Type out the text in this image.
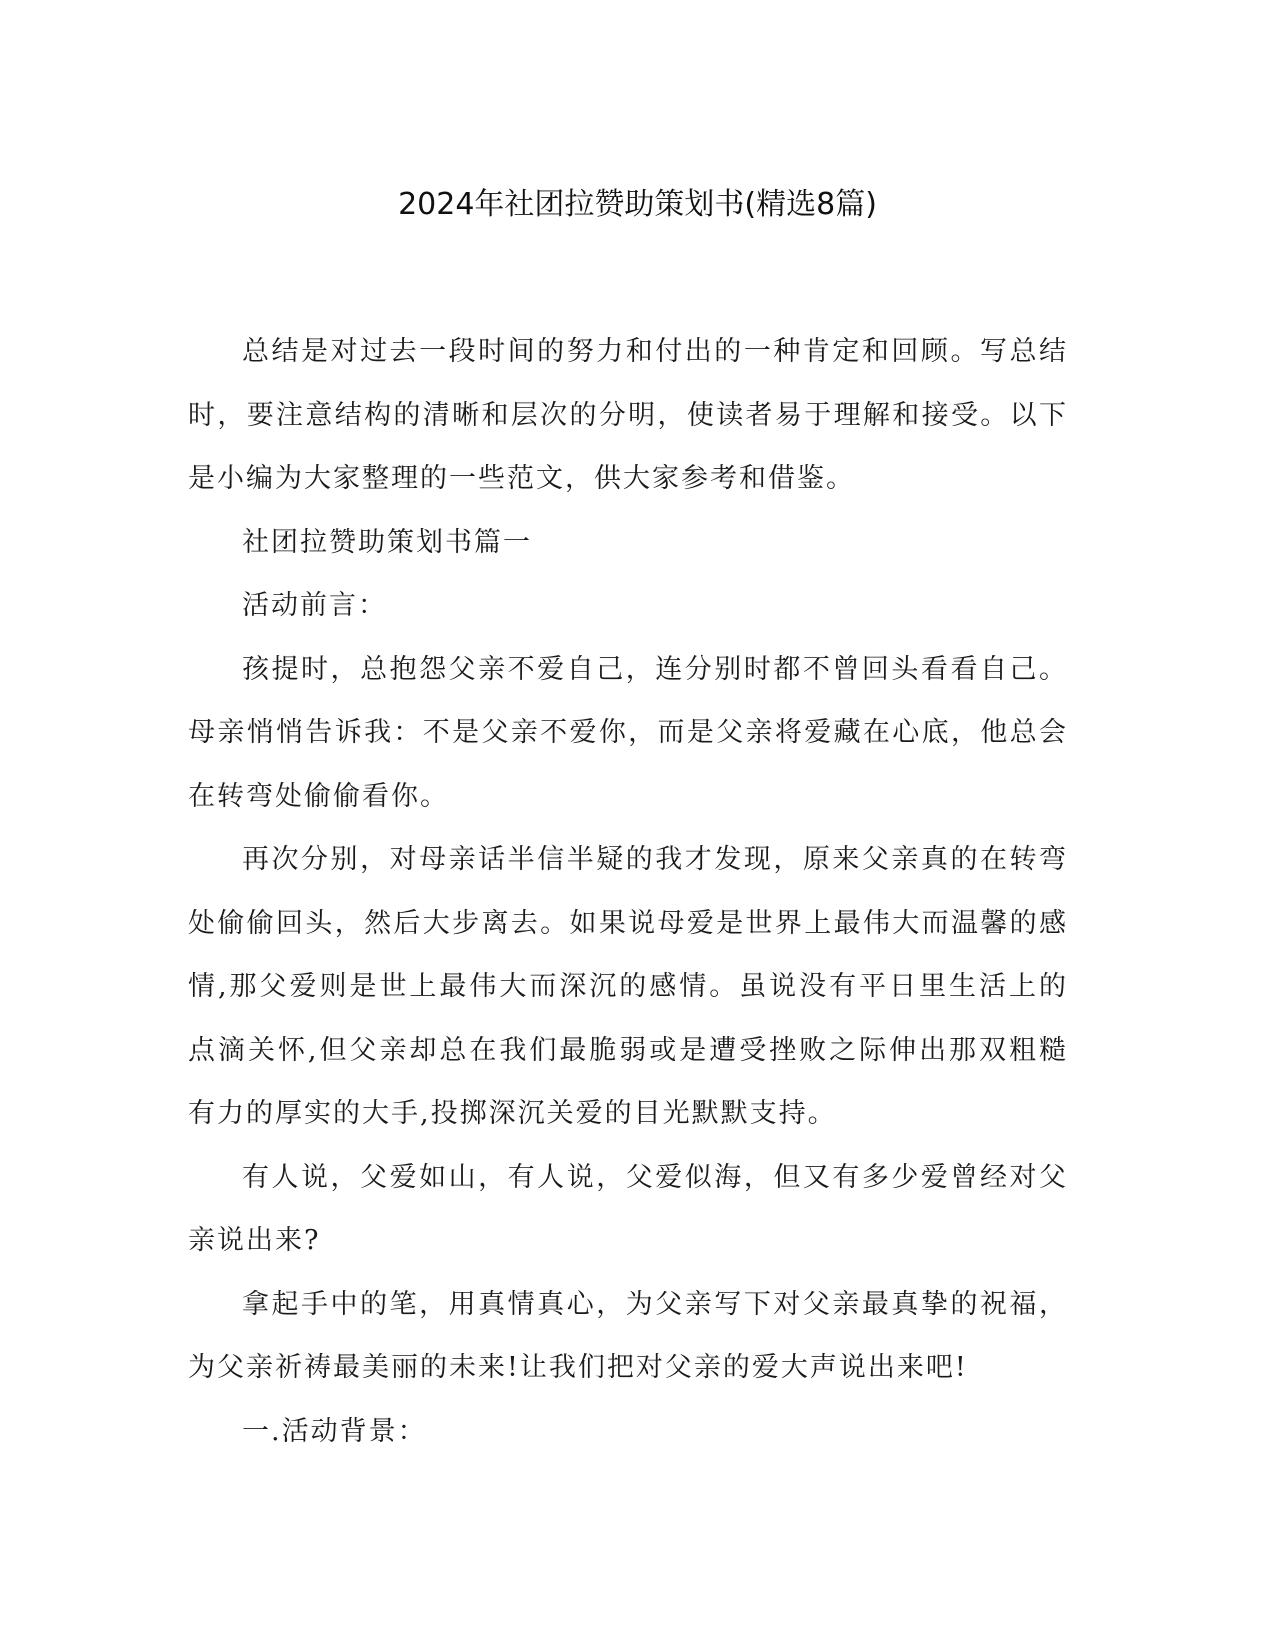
2024年社团拉赞助策划书(精选8篇)

总结是对过去一段时间的努力和付出的一种肯定和回顾。写总结时，要注意结构的清晰和层次的分明，使读者易于理解和接受。以下是小编为大家整理的一些范文，供大家参考和借鉴。

社团拉赞助策划书篇一

活动前言：

孩提时，总抱怨父亲不爱自己，连分别时都不曾回头看看自己。母亲悄悄告诉我：不是父亲不爱你，而是父亲将爱藏在心底，他总会在转弯处偷偷看你。

再次分别，对母亲话半信半疑的我才发现，原来父亲真的在转弯处偷偷回头，然后大步离去。如果说母爱是世界上最伟大而温馨的感情,那父爱则是世上最伟大而深沉的感情。虽说没有平日里生活上的点滴关怀,但父亲却总在我们最脆弱或是遭受挫败之际伸出那双粗糙有力的厚实的大手,投掷深沉关爱的目光默默支持。

有人说，父爱如山，有人说，父爱似海，但又有多少爱曾经对父亲说出来?

拿起手中的笔，用真情真心，为父亲写下对父亲最真挚的祝福，为父亲祈祷最美丽的未来!让我们把对父亲的爱大声说出来吧!

一.活动背景：
